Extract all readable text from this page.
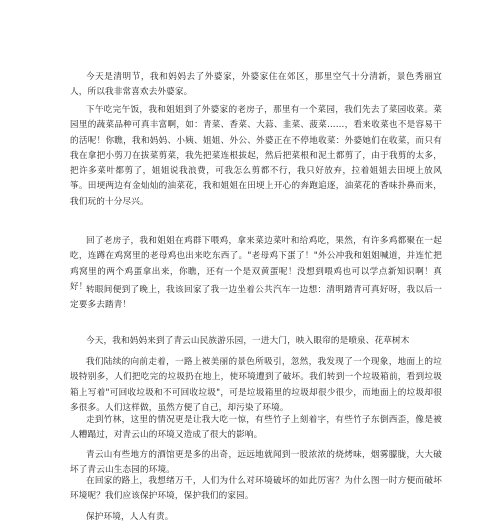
今天是清明节，我和妈妈去了外婆家，外婆家住在郊区，那里空气十分清新，景色秀丽宜人，所以我非常喜欢去外婆家。

下午吃完午饭，我和姐姐到了外婆家的老房子，那里有一个菜园，我们先去了菜园收菜。菜园里的蔬菜品种可真丰富啊，如：青菜、香菜、大蒜、韭菜、菠菜……，看来收菜也不是容易干的活呢！你瞧，我和妈妈、小姨、姐姐、外公、外婆正在不停地收菜：外婆她们在收菜，而只有我在拿把小剪刀在拔菜剪菜，我先把菜连根拔起，然后把菜根和泥土都剪了，由于我剪的太多，把许多菜叶都剪了，姐姐说我浪费，可我怎么剪都不行，我只好放弃，拉着姐姐去田埂上放风筝。田埂两边有金灿灿的油菜花，我和姐姐在田埂上开心的奔跑追逐，油菜花的香味扑鼻而来，我们玩的十分尽兴。

回了老房子，我和姐姐在鸡群下喂鸡，拿来菜边菜叶和给鸡吃，果然，有许多鸡都聚在一起吃，连蹲在鸡窝里的老母鸡也出来吃东西了。"老母鸡下蛋了！"外公冲我和姐姐喊道，并连忙把鸡窝里的两个鸡蛋拿出来，你瞧，还有一个是双黄蛋呢！没想到喂鸡也可以学点新知识啊！真好！

转眼间便到了晚上，我该回家了我一边坐着公共汽车一边想：清明踏青可真好呀，我以后一定要多去踏青！

今天，我和妈妈来到了青云山民族游乐园，一进大门，映入眼帘的是喷泉、花草树木

我们陆续的向前走着，一路上被美丽的景色所吸引，忽然，我发现了一个现象，地面上的垃圾特别多，人们把吃完的垃圾扔在地上，使环境遭到了破坏。我们转到一个垃圾箱前，看到垃圾箱上写着"可回收垃圾和不可回收垃圾"，可是垃圾箱里的垃圾却很少很少，而地面上的垃圾却很多很多。人们这样做，虽然方便了自己，却污染了环境。

走到竹林，这里的情况更是让我大吃一惊，有些竹子上刻着字，有些竹子东倒西歪，像是被人糟蹋过，对青云山的环境又造成了很大的影响。

青云山有些地方的酒馆更是多的出奇，远远地就闻到一股浓浓的烧烤味，烟雾朦胧，大大破坏了青云山生态园的环境。

在回家的路上，我想绪万千，人们为什么对环境破坏的如此厉害？为什么图一时方便而破坏环境呢？我们应该保护环境，保护我们的家园。

保护环境，人人有责。
